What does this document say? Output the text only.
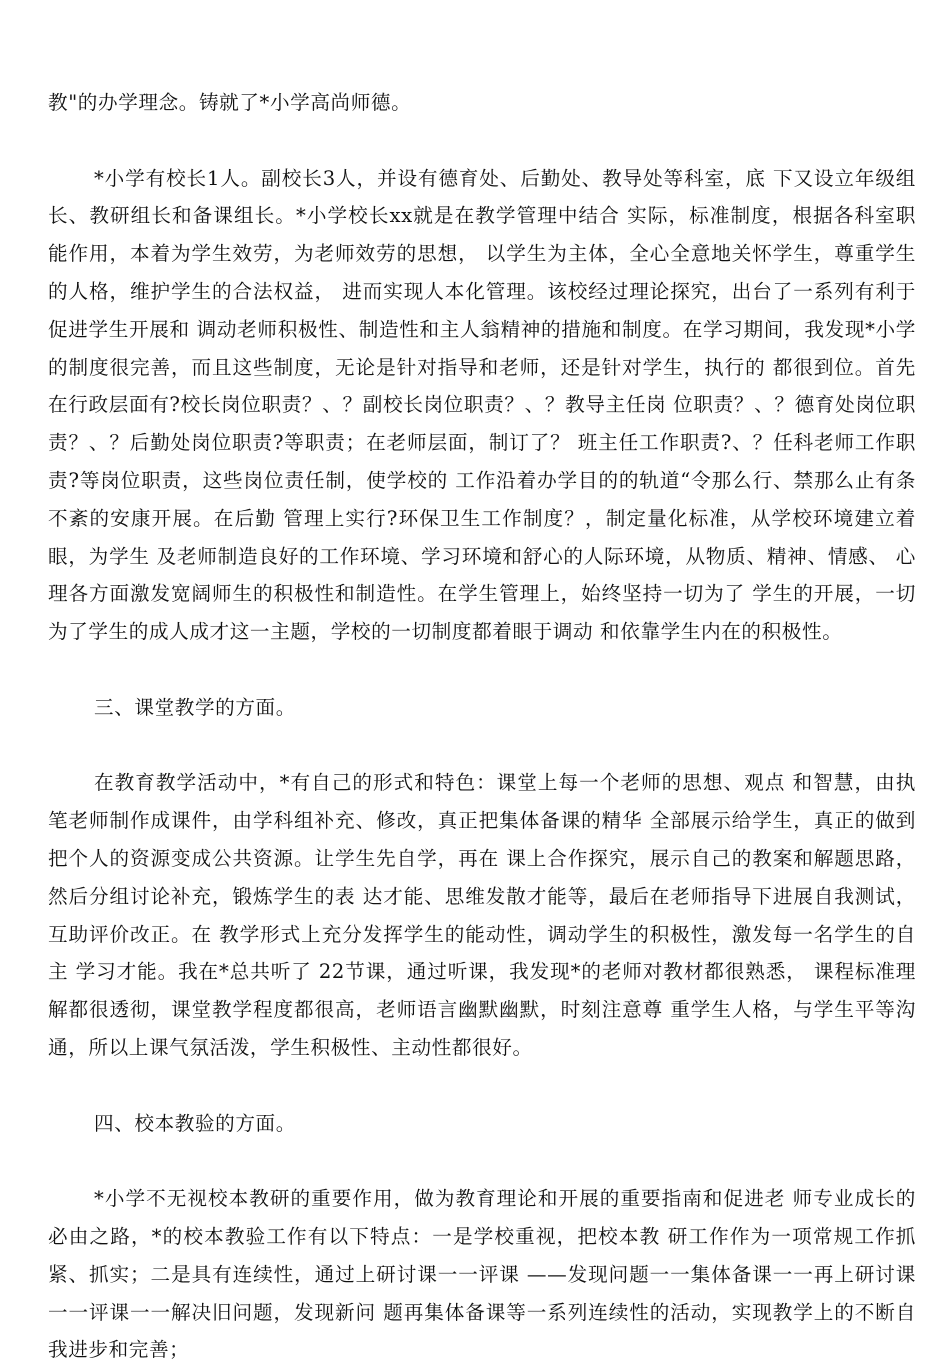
教"的办学理念。铸就了*小学高尚师德。

*小学有校长1人。副校长3人，并设有德育处、后勤处、教导处等科室，底 下又设立年级组长、教研组长和备课组长。*小学校长xx就是在教学管理中结合 实际，标准制度，根据各科室职能作用，本着为学生效劳，为老师效劳的思想， 以学生为主体，全心全意地关怀学生，尊重学生的人格，维护学生的合法权益， 进而实现人本化管理。该校经过理论探究，出台了一系列有利于促进学生开展和 调动老师积极性、制造性和主人翁精神的措施和制度。在学习期间，我发现*小学 的制度很完善，而且这些制度，无论是针对指导和老师，还是针对学生，执行的 都很到位。首先在行政层面有?校长岗位职责？、？副校长岗位职责？、？教导主任岗 位职责？、？德育处岗位职责？、？后勤处岗位职责?等职责；在老师层面，制订了？ 班主任工作职责?、？任科老师工作职责?等岗位职责，这些岗位责任制，使学校的 工作沿着办学目的的轨道“令那么行、禁那么止有条不紊的安康开展。在后勤 管理上实行?环保卫生工作制度？，制定量化标准，从学校环境建立着眼，为学生 及老师制造良好的工作环境、学习环境和舒心的人际环境，从物质、精神、情感、 心理各方面激发宽阔师生的积极性和制造性。在学生管理上，始终坚持一切为了 学生的开展，一切为了学生的成人成才这一主题，学校的一切制度都着眼于调动 和依靠学生内在的积极性。

三、课堂教学的方面。

在教育教学活动中，*有自己的形式和特色：课堂上每一个老师的思想、观点 和智慧，由执笔老师制作成课件，由学科组补充、修改，真正把集体备课的精华 全部展示给学生，真正的做到把个人的资源变成公共资源。让学生先自学，再在 课上合作探究，展示自己的教案和解题思路，然后分组讨论补充，锻炼学生的表 达才能、思维发散才能等，最后在老师指导下进展自我测试，互助评价改正。在 教学形式上充分发挥学生的能动性，调动学生的积极性，激发每一名学生的自主 学习才能。我在*总共听了 22节课，通过听课，我发现*的老师对教材都很熟悉， 课程标准理解都很透彻，课堂教学程度都很高，老师语言幽默幽默，时刻注意尊 重学生人格，与学生平等沟通，所以上课气氛活泼，学生积极性、主动性都很好。

四、校本教验的方面。

*小学不无视校本教研的重要作用，做为教育理论和开展的重要指南和促进老 师专业成长的必由之路，*的校本教验工作有以下特点：一是学校重视，把校本教 研工作作为一项常规工作抓紧、抓实；二是具有连续性，通过上研讨课一一评课 ——发现问题一一集体备课一一再上研讨课一一评课一一解决旧问题，发现新问 题再集体备课等一系列连续性的活动，实现教学上的不断自我进步和完善；
